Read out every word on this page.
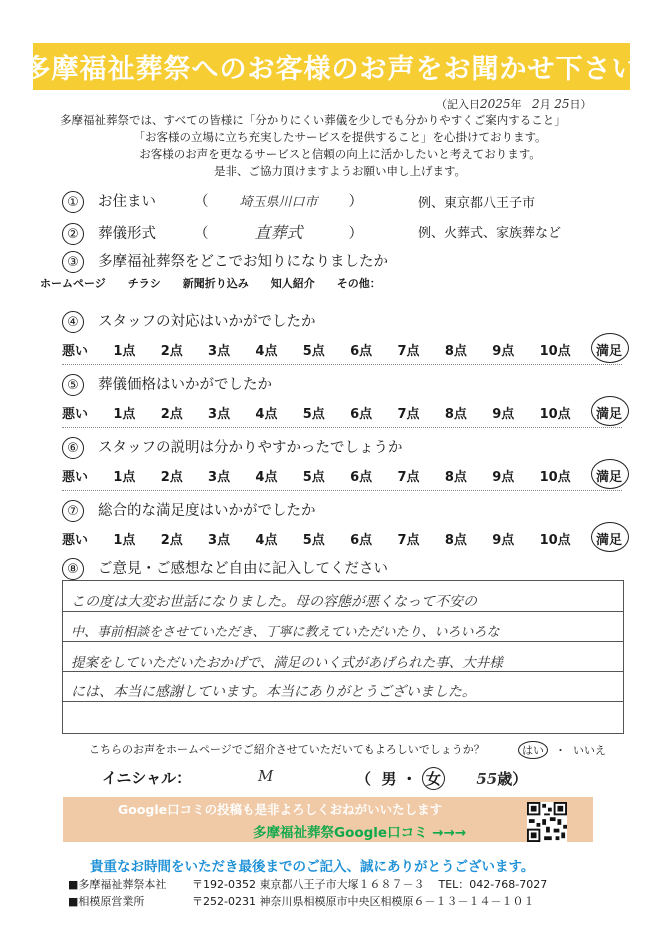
多摩福祉葬祭へのお客様のお声をお聞かせ下さい
（記入日2025年 2月 25日）
多摩福祉葬祭では、すべての皆様に「分かりにくい葬儀を少しでも分かりやすくご案内すること」
「お客様の立場に立ち充実したサービスを提供すること」を心掛けております。
お客様のお声を更なるサービスと信頼の向上に活かしたいと考えております。
是非、ご協力頂けますようお願い申し上げます。
① お住まい	（ 埼玉県川口市 ）	例、東京都八王子市
② 葬儀形式	（	直葬式	）	例、火葬式、家族葬など
③ 多摩福祉葬祭をどこでお知りになりましたか
ホームページ チラシ 新聞折り込み 知人紹介 その他：
④ スタッフの対応はいかがでしたか
悪い 1点 2点 3点 4点 5点 6点 7点 8点 9点 10点 満足
⑤ 葬儀価格はいかがでしたか
悪い 1点 2点 3点 4点 5点 6点 7点 8点 9点 10点 満足
⑥ スタッフの説明は分かりやすかったでしょうか
悪い 1点 2点 3点 4点 5点 6点 7点 8点 9点 10点 満足
⑦ 総合的な満足度はいかがでしたか
悪い 1点 2点 3点 4点 5点 6点 7点 8点 9点 10点 満足
⑧ ご意見・ご感想など自由に記入してください
この度は大変お世話になりました。母の容態が悪くなって不安の
中、事前相談をさせていただき、丁寧に教えていただいたり、いろいろな
提案をしていただいたおかげで、満足のいく式があげられた事、大井様
には、本当に感謝しています。本当にありがとうございました。
こちらのお声をホームページでご紹介させていただいてもよろしいでしょうか？	はい ・ いいえ
イニシャル：	M	（ 男 ・ 女 55歳）
Google口コミの投稿も是非よろしくおねがいいたします
多摩福祉葬祭Google口コミ →→→
貴重なお時間をいただき最後までのご記入、誠にありがとうございます。
■多摩福祉葬祭本社 〒192-0352 東京都八王子市大塚１６８７－３ TEL：042-768-7027
■相模原営業所	〒252-0231 神奈川県相模原市中央区相模原６－１３－１４－１０１
